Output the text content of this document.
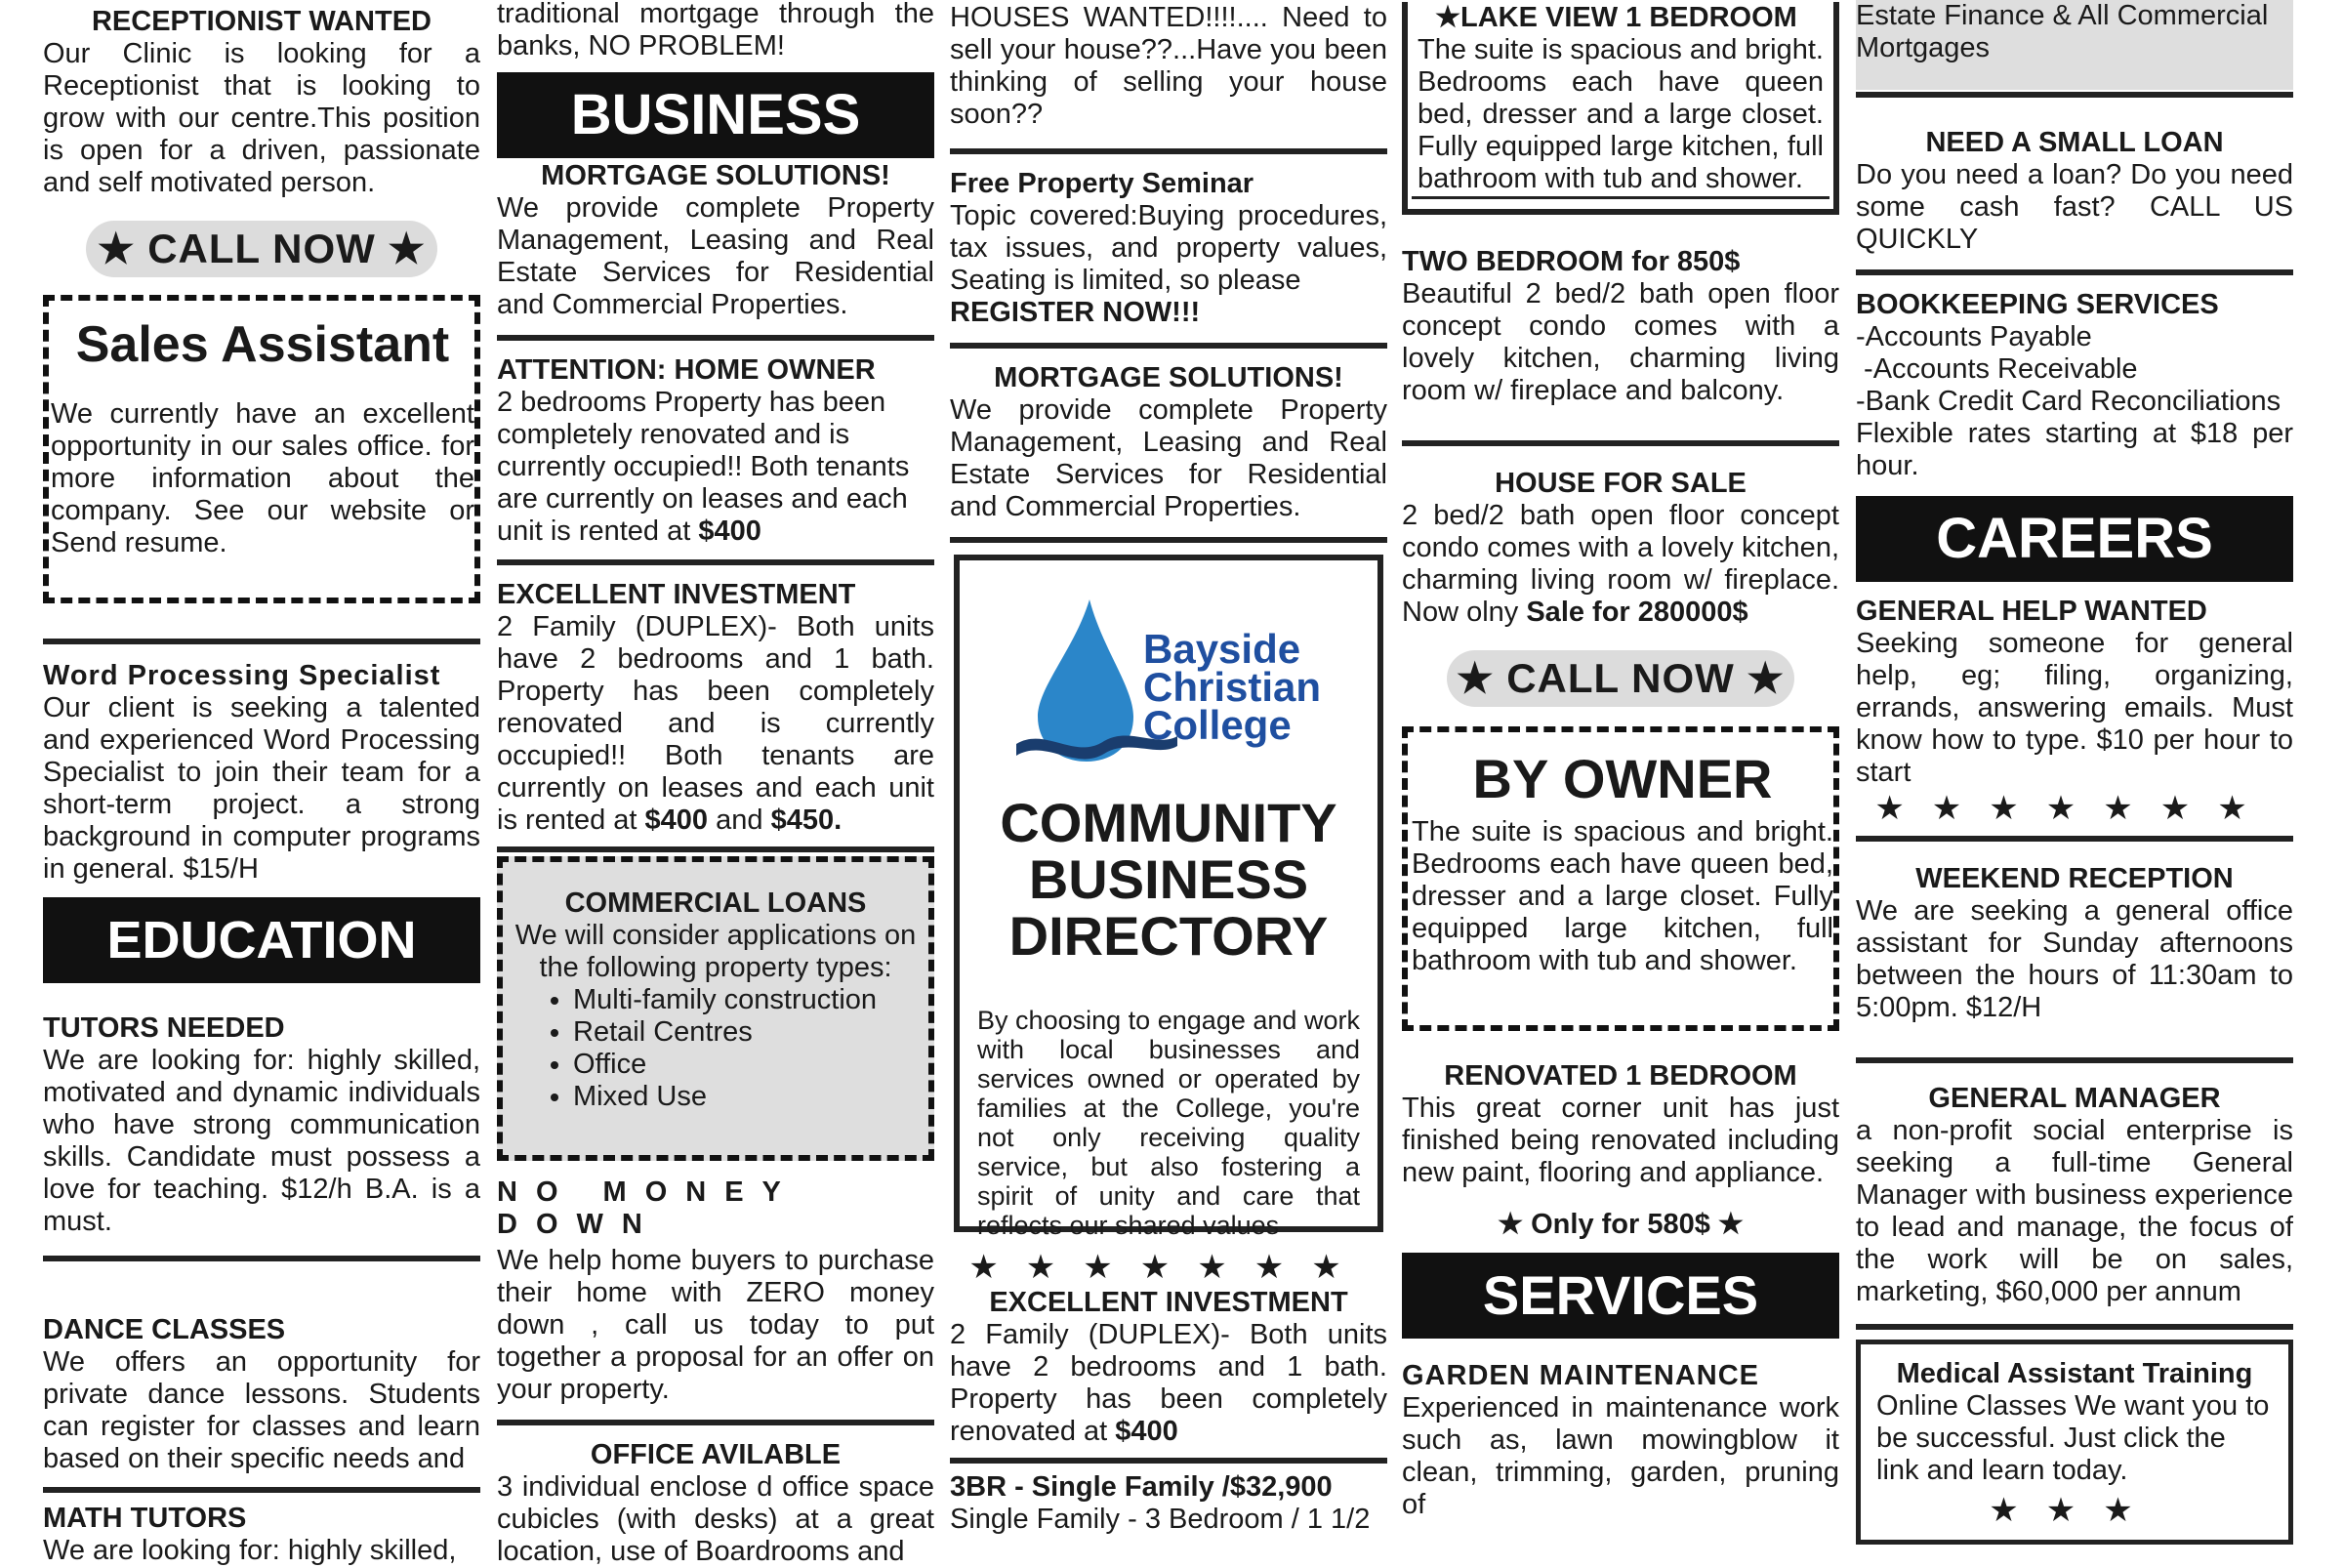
RECEPTIONIST WANTED

Our Clinic is looking for a Receptionist that is looking to grow with our centre.This position is open for a driven, passionate and self motivated person.

★ CALL NOW ★
Sales Assistant

We currently have an excellent opportunity in our sales office. for more information about the company. See our website or Send resume.

Word Processing Specialist

Our client is seeking a talented and experienced Word Processing Specialist to join their team for a short-term project. a strong background in computer programs in general. $15/H

EDUCATION
TUTORS NEEDED

We are looking for: highly skilled, motivated and dynamic individuals who have strong communication skills. Candidate must possess a love for teaching. $12/h B.A. is a must.

DANCE CLASSES

We offers an opportunity for private dance lessons. Students can register for classes and learn based on their specific needs and

MATH TUTORS

We are looking for: highly skilled,

traditional mortgage through the banks, NO PROBLEM!

BUSINESS
MORTGAGE SOLUTIONS!

We provide complete Property Management, Leasing and Real Estate Services for Residential and Commercial Properties.

ATTENTION: HOME OWNER

2 bedrooms Property has been completely renovated and is currently occupied!! Both tenants are currently on leases and each unit is rented at $400

EXCELLENT INVESTMENT

2 Family (DUPLEX)- Both units have 2 bedrooms and 1 bath. Property has been completely renovated and is currently occupied!! Both tenants are currently on leases and each unit is rented at $400 and $450.

COMMERCIAL LOANS

We will consider applications on the following property types:

• Multi-family construction
• Retail Centres
• Office
• Mixed Use
NO MONEY DOWN

We help home buyers to purchase their home with ZERO money down , call us today to put together a proposal for an offer on your property.

OFFICE AVILABLE

3 individual enclose d office space cubicles (with desks) at a great location, use of Boardrooms and

HOUSES WANTED!!!!.... Need to sell your house??...Have you been thinking of selling your house soon??

Free Property Seminar

Topic covered:Buying procedures, tax issues, and property values, Seating is limited, so please

REGISTER NOW!!!
MORTGAGE SOLUTIONS!

We provide complete Property Management, Leasing and Real Estate Services for Residential and Commercial Properties.

Bayside
Christian
College
COMMUNITY
BUSINESS
DIRECTORY

By choosing to engage and work with local businesses and services owned or operated by families at the College, you're not only receiving quality service, but also fostering a spirit of unity and care that reflects our shared values

★★★★★★★
EXCELLENT INVESTMENT

2 Family (DUPLEX)- Both units have 2 bedrooms and 1 bath. Property has been completely renovated at $400

3BR - Single Family /$32,900

Single Family - 3 Bedroom / 1 1/2

★LAKE VIEW 1 BEDROOM

The suite is spacious and bright. Bedrooms each have queen bed, dresser and a large closet. Fully equipped large kitchen, full bathroom with tub and shower.

TWO BEDROOM for 850$

Beautiful 2 bed/2 bath open floor concept condo comes with a lovely kitchen, charming living room w/ fireplace and balcony.

HOUSE FOR SALE

2 bed/2 bath open floor concept condo comes with a lovely kitchen, charming living room w/ fireplace. Now olny Sale for 280000$

★ CALL NOW ★
BY OWNER

The suite is spacious and bright. Bedrooms each have queen bed, dresser and a large closet. Fully equipped large kitchen, full bathroom with tub and shower.

RENOVATED 1 BEDROOM

This great corner unit has just finished being renovated including new paint, flooring and appliance.

★ Only for 580$ ★
SERVICES
GARDEN MAINTENANCE

Experienced in maintenance work such as, lawn mowingblow it clean, trimming, garden, pruning of

Estate Finance & All Commercial Mortgages

NEED A SMALL LOAN

Do you need a loan? Do you need some cash fast? CALL US QUICKLY

BOOKKEEPING SERVICES
-Accounts Payable
-Accounts Receivable
-Bank Credit Card Reconciliations

Flexible rates starting at $18 per hour.

CAREERS
GENERAL HELP WANTED

Seeking someone for general help, eg; filing, organizing, errands, answering emails. Must know how to type. $10 per hour to start

★★★★★★★
WEEKEND RECEPTION

We are seeking a general office assistant for Sunday afternoons between the hours of 11:30am to 5:00pm. $12/H

GENERAL MANAGER

a non-profit social enterprise is seeking a full-time General Manager with business experience to lead and manage, the focus of the work will be on sales, marketing, $60,000 per annum

Medical Assistant Training

Online Classes We want you to be successful. Just click the link and learn today.

★★★
